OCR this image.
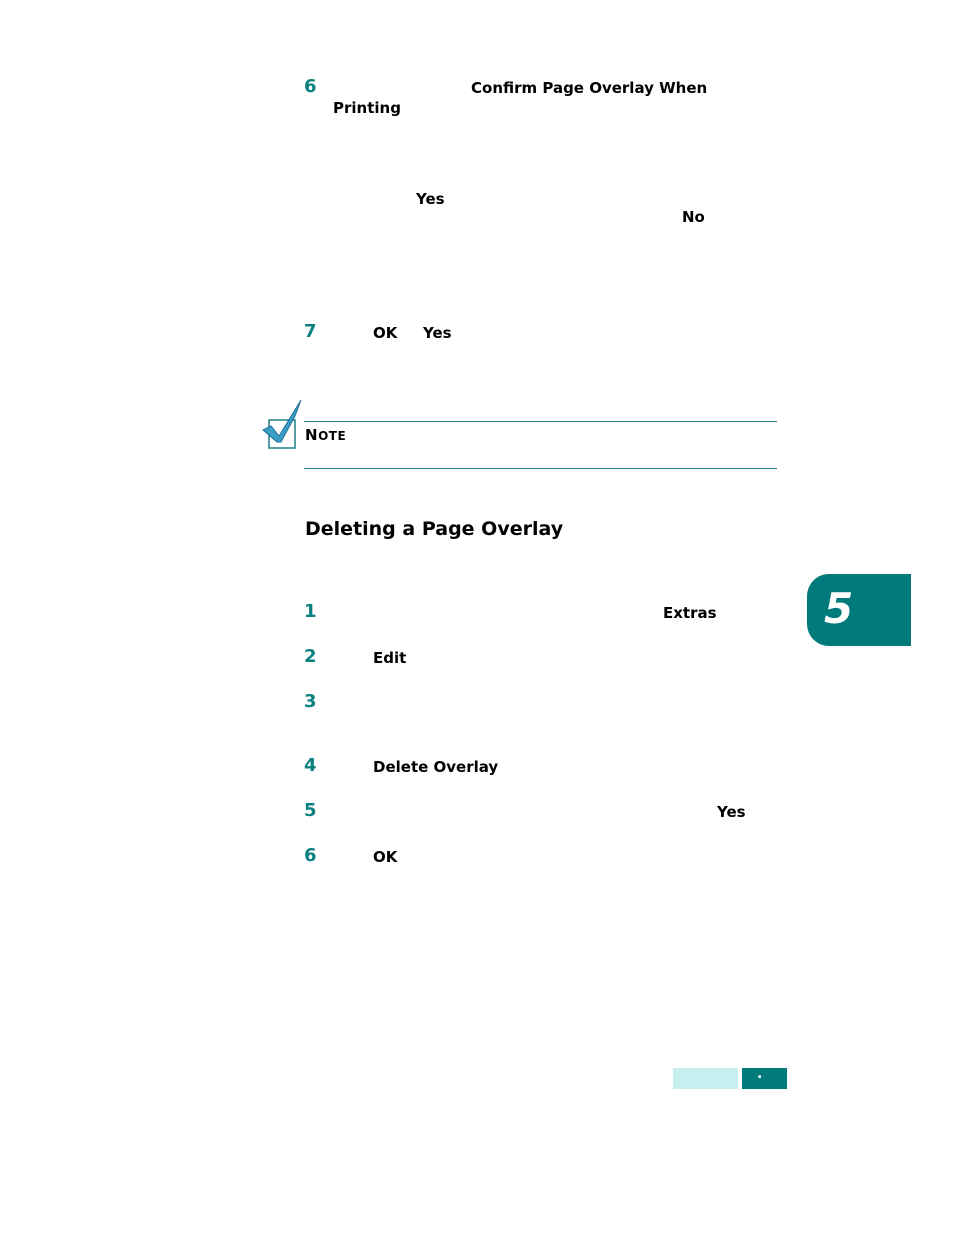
6	Confirm Page Overlay When
Printing
Yes
No
7	OK Yes
NOTE
Deleting a Page Overlay
1	Extras
2	Edit
3
4	Delete Overlay
5	Yes
6	OK
5
.
